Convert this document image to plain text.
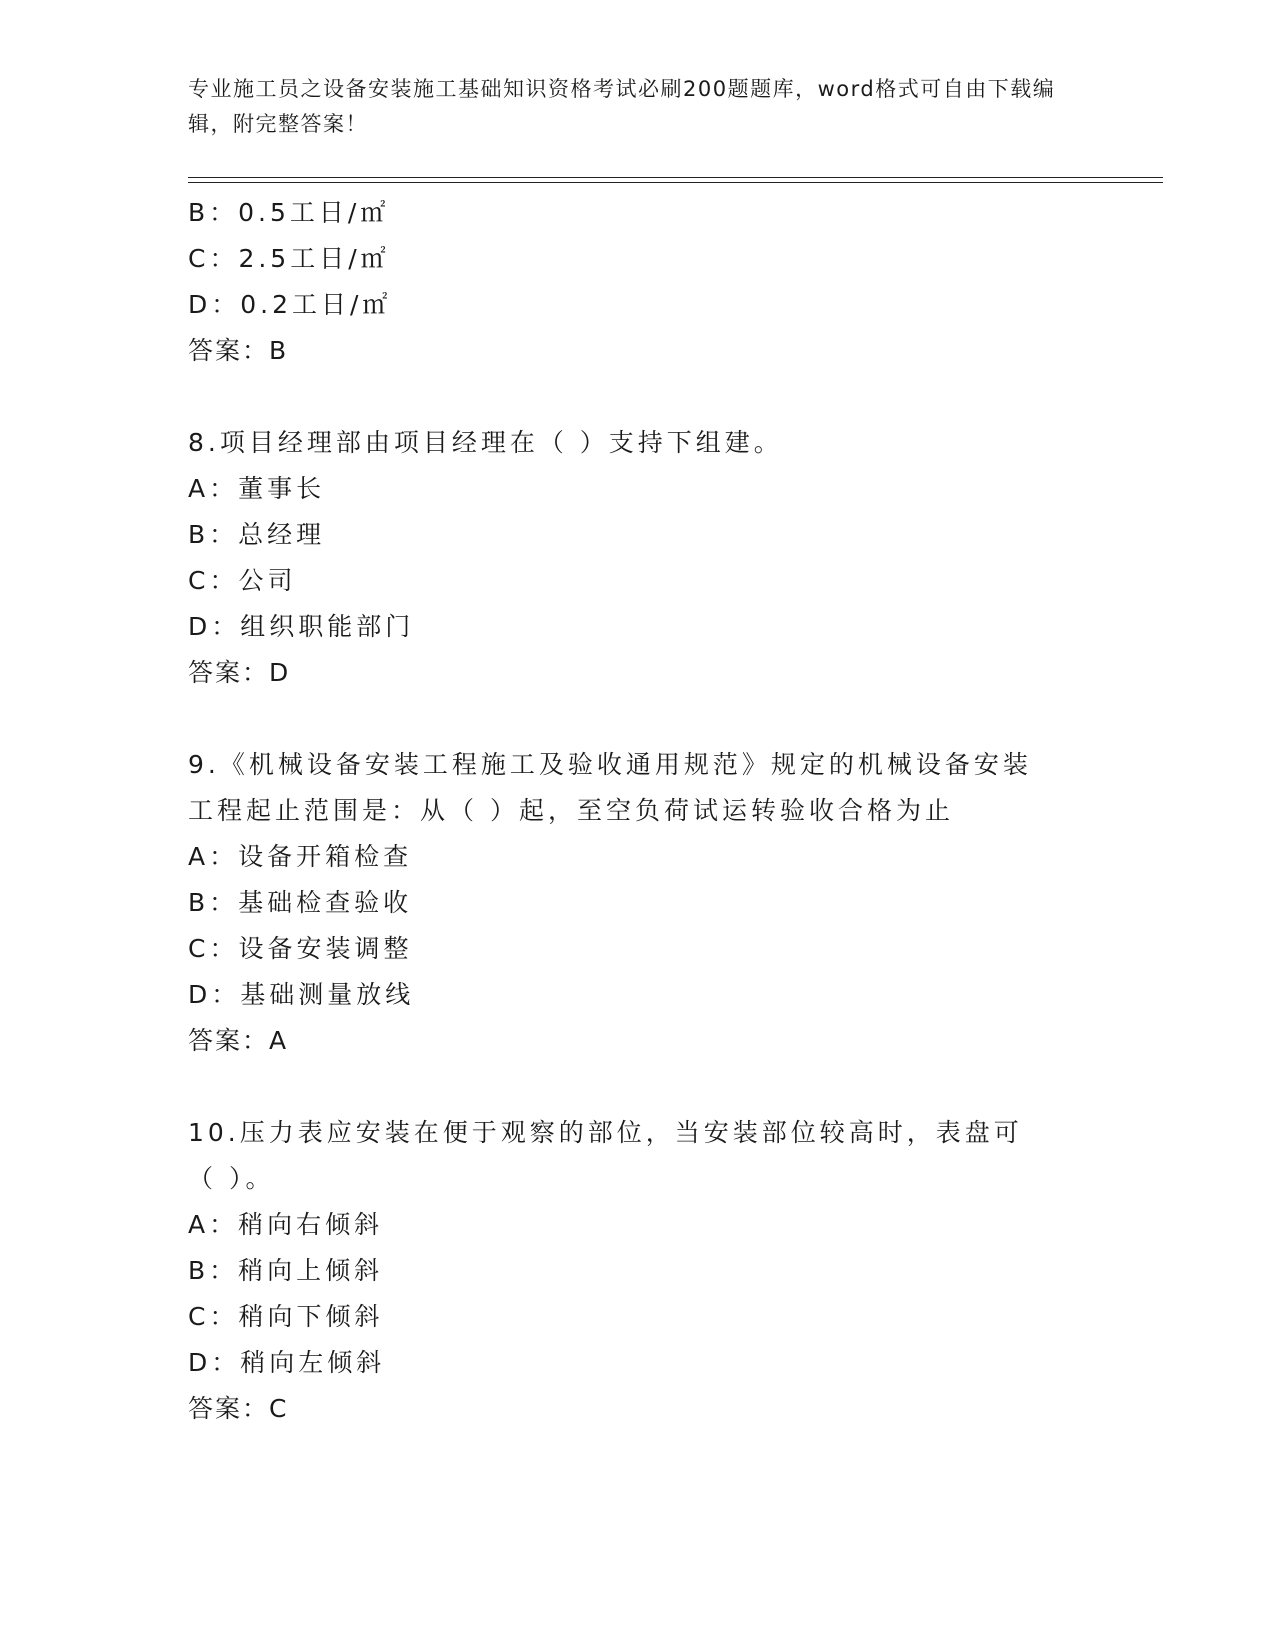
专业施工员之设备安装施工基础知识资格考试必刷200题题库，word格式可自由下载编辑，附完整答案！
B：0.5工日/㎡
C：2.5工日/㎡
D：0.2工日/㎡
答案：B
8.项目经理部由项目经理在（ ）支持下组建。
A：董事长
B：总经理
C：公司
D：组织职能部门
答案：D
9.《机械设备安装工程施工及验收通用规范》规定的机械设备安装工程起止范围是：从（ ）起，至空负荷试运转验收合格为止
A：设备开箱检查
B：基础检查验收
C：设备安装调整
D：基础测量放线
答案：A
10.压力表应安装在便于观察的部位，当安装部位较高时，表盘可（ ）。
A：稍向右倾斜
B：稍向上倾斜
C：稍向下倾斜
D：稍向左倾斜
答案：C
